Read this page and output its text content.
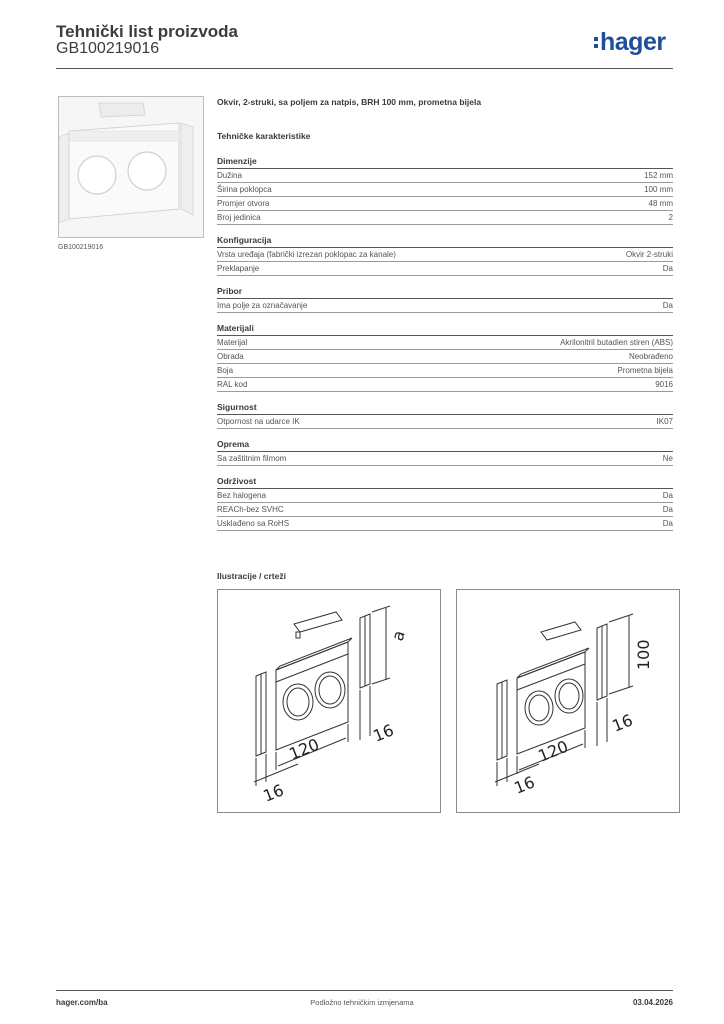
Tehnički list proizvoda
GB100219016	hager
GB100219016
Okvir, 2-struki, sa poljem za natpis, BRH 100 mm, prometna bijela
Tehničke karakteristike
Dimenzije
Dužina	152 mm
Širina poklopca	100 mm
Promjer otvora	48 mm
Broj jedinica	2
Konfiguracija
Vrsta uređaja (fabrički izrezan poklopac za kanale)	Okvir 2-struki
Preklapanje	Da
Pribor
Ima polje za označavanje	Da
Materijali
Materijal	Akrilonitril butadien stiren (ABS)
Obrada	Neobrađeno
Boja	Prometna bijela
RAL kod	9016
Sigurnost
Otpornost na udarce IK	IK07
Oprema
Sa zaštitnim filmom	Ne
Održivost
Bez halogena	Da
REACh-bez SVHC	Da
Usklađeno sa RoHS	Da
Ilustracije / crteži
a
120
16
16
100
120
16
16
hager.com/ba	Podložno tehničkim izmjenama	03.04.2026
